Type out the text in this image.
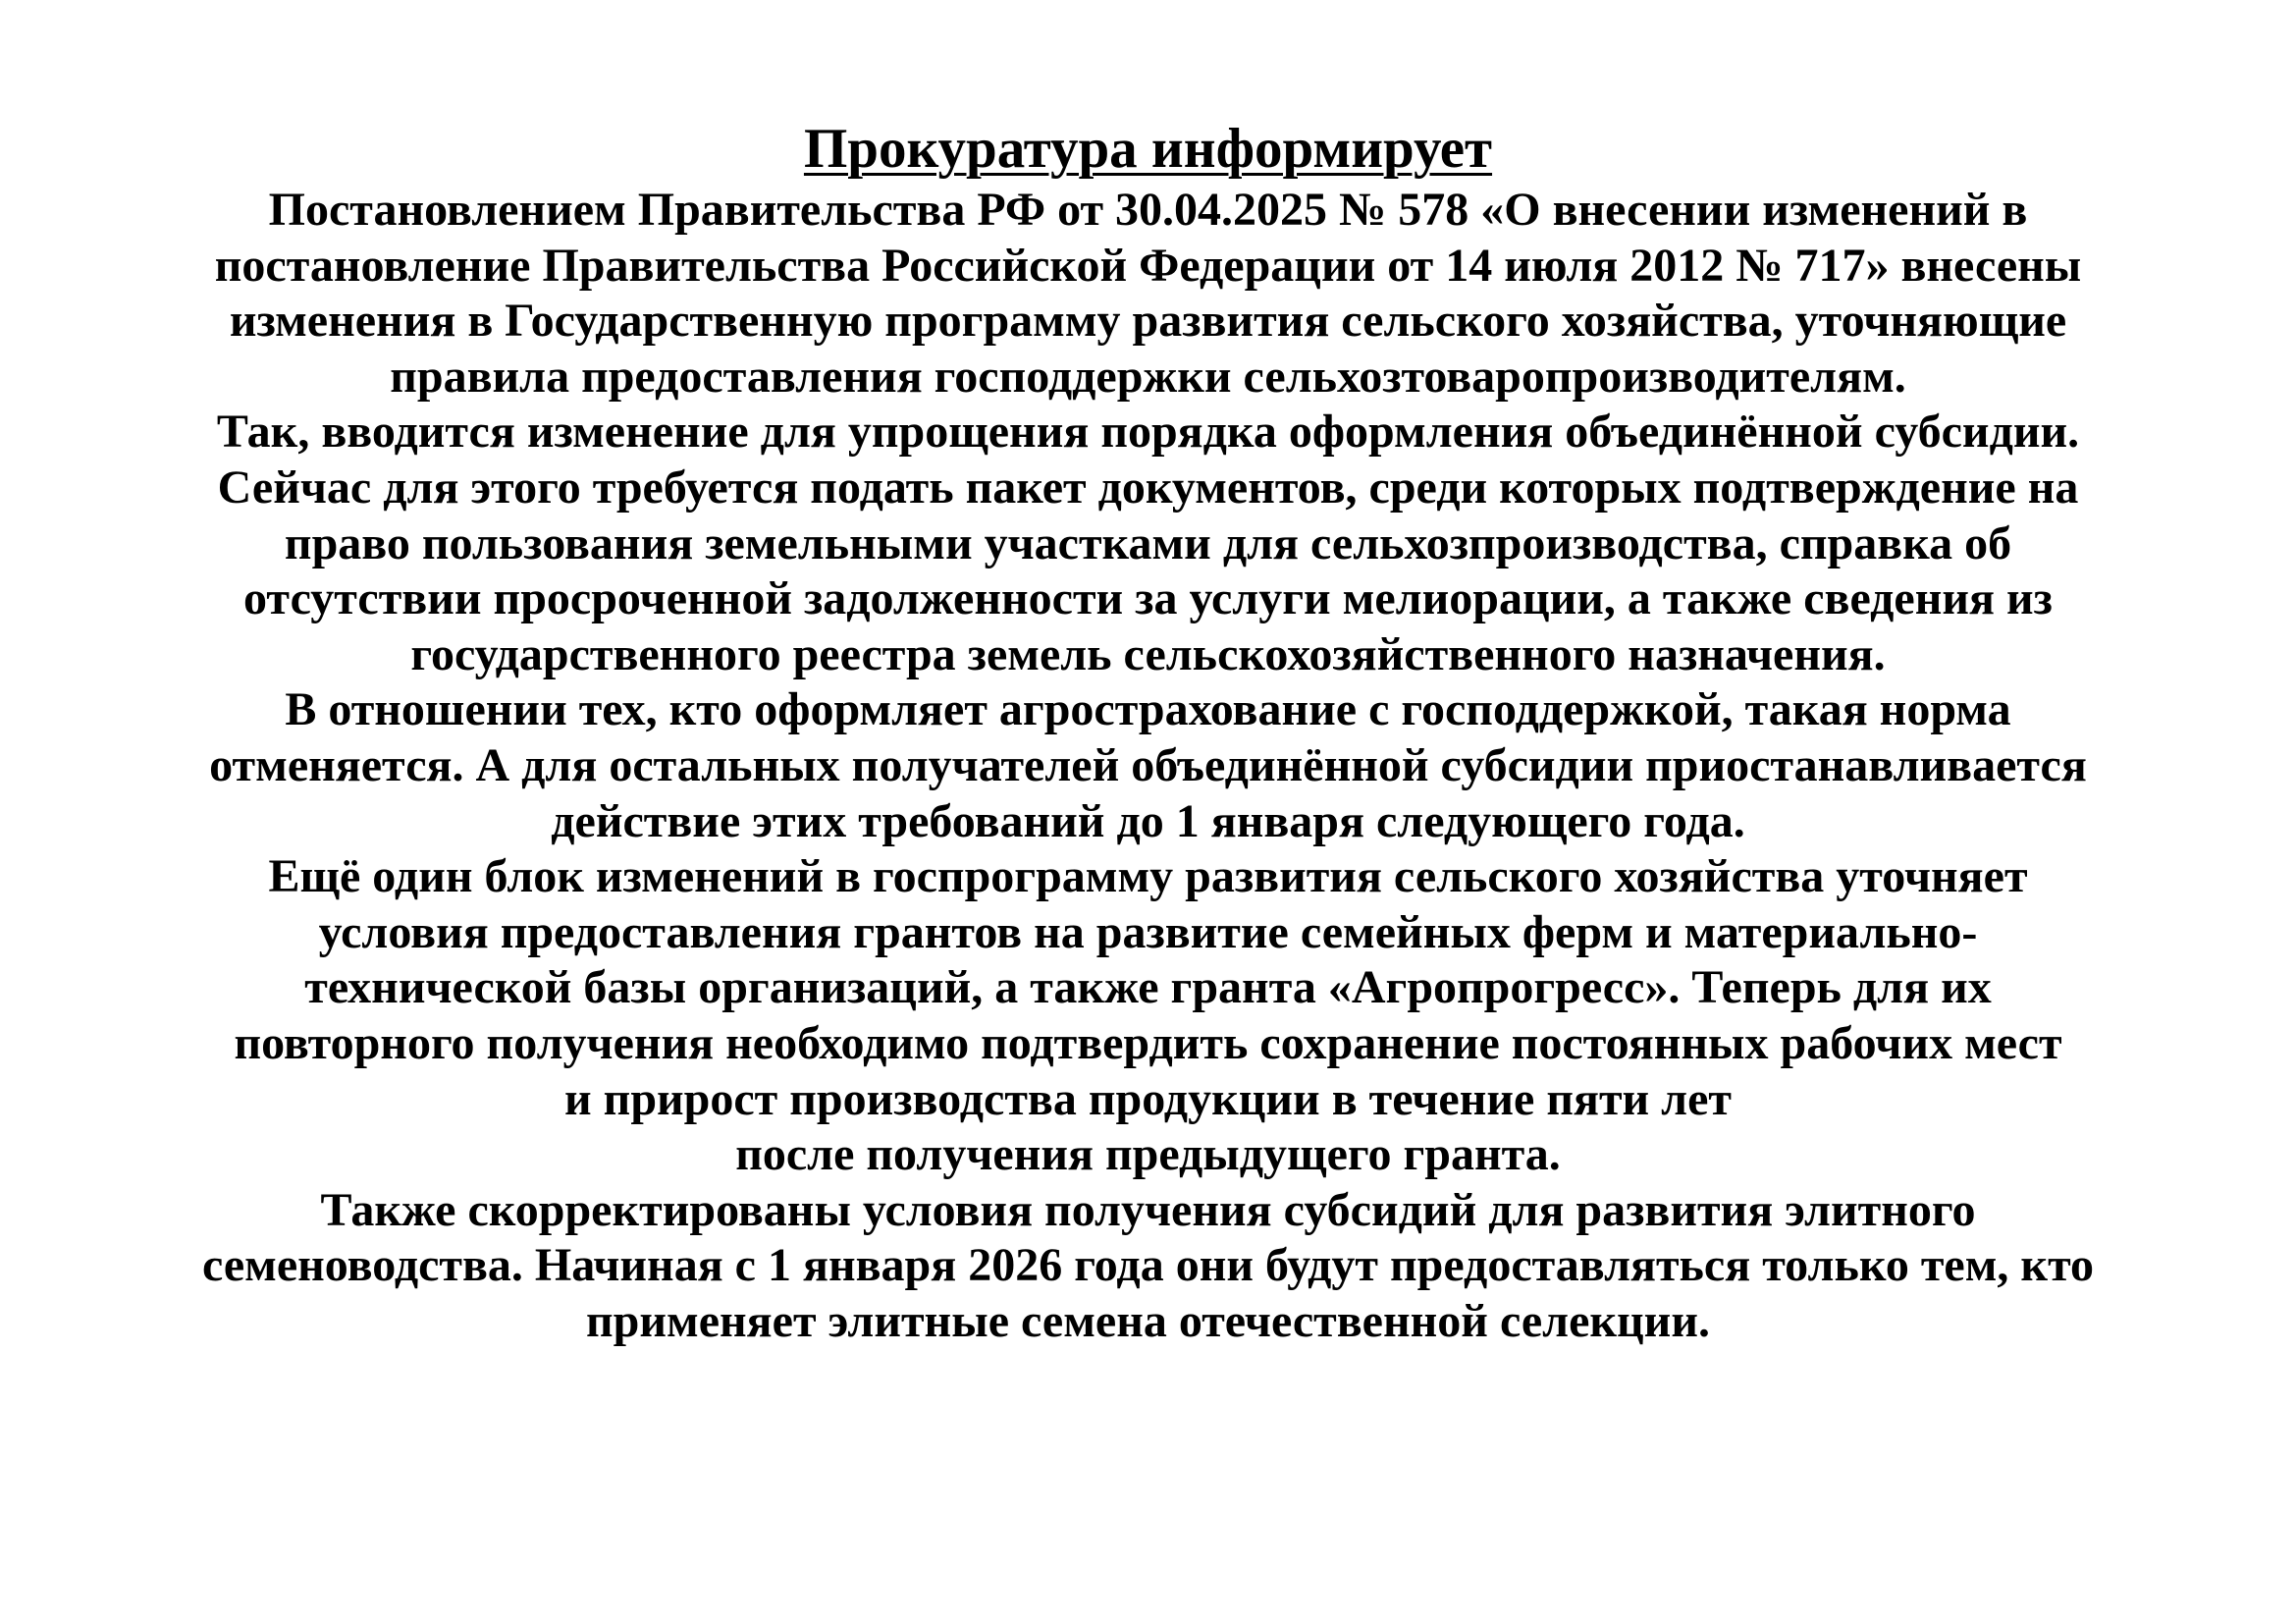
Прокуратура информирует
Постановлением Правительства РФ от 30.04.2025 № 578 «О внесении изменений в
постановление Правительства Российской Федерации от 14 июля 2012 № 717» внесены
изменения в Государственную программу развития сельского хозяйства, уточняющие
правила предоставления господдержки сельхозтоваропроизводителям.
Так, вводится изменение для упрощения порядка оформления объединённой субсидии.
Сейчас для этого требуется подать пакет документов, среди которых подтверждение на
право пользования земельными участками для сельхозпроизводства, справка об
отсутствии просроченной задолженности за услуги мелиорации, а также сведения из
государственного реестра земель сельскохозяйственного назначения.
В отношении тех, кто оформляет агрострахование с господдержкой, такая норма
отменяется. А для остальных получателей объединённой субсидии приостанавливается
действие этих требований до 1 января следующего года.
Ещё один блок изменений в госпрограмму развития сельского хозяйства уточняет
условия предоставления грантов на развитие семейных ферм и материально-
технической базы организаций, а также гранта «Агропрогресс». Теперь для их
повторного получения необходимо подтвердить сохранение постоянных рабочих мест
и прирост производства продукции в течение пяти лет
после получения предыдущего гранта.
Также скорректированы условия получения субсидий для развития элитного
семеноводства. Начиная с 1 января 2026 года они будут предоставляться только тем, кто
применяет элитные семена отечественной селекции.
